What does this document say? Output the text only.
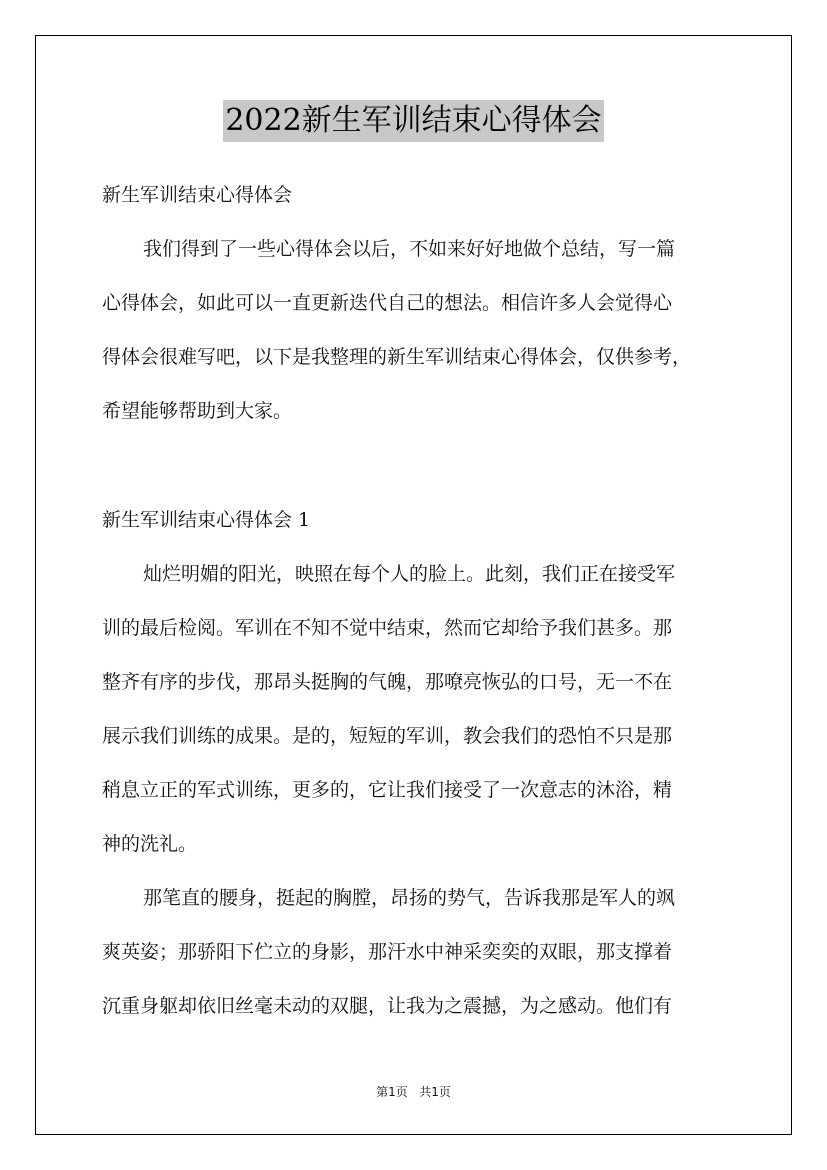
2022新生军训结束心得体会
新生军训结束心得体会
我们得到了一些心得体会以后，不如来好好地做个总结，写一篇
心得体会，如此可以一直更新迭代自己的想法。相信许多人会觉得心
得体会很难写吧，以下是我整理的新生军训结束心得体会，仅供参考，
希望能够帮助到大家。
新生军训结束心得体会 1
灿烂明媚的阳光，映照在每个人的脸上。此刻，我们正在接受军
训的最后检阅。军训在不知不觉中结束，然而它却给予我们甚多。那
整齐有序的步伐，那昂头挺胸的气魄，那嘹亮恢弘的口号，无一不在
展示我们训练的成果。是的，短短的军训，教会我们的恐怕不只是那
稍息立正的军式训练，更多的，它让我们接受了一次意志的沐浴，精
神的洗礼。
那笔直的腰身，挺起的胸膛，昂扬的势气，告诉我那是军人的飒
爽英姿；那骄阳下伫立的身影，那汗水中神采奕奕的双眼，那支撑着
沉重身躯却依旧丝毫未动的双腿，让我为之震撼，为之感动。他们有
第1页 共1页
